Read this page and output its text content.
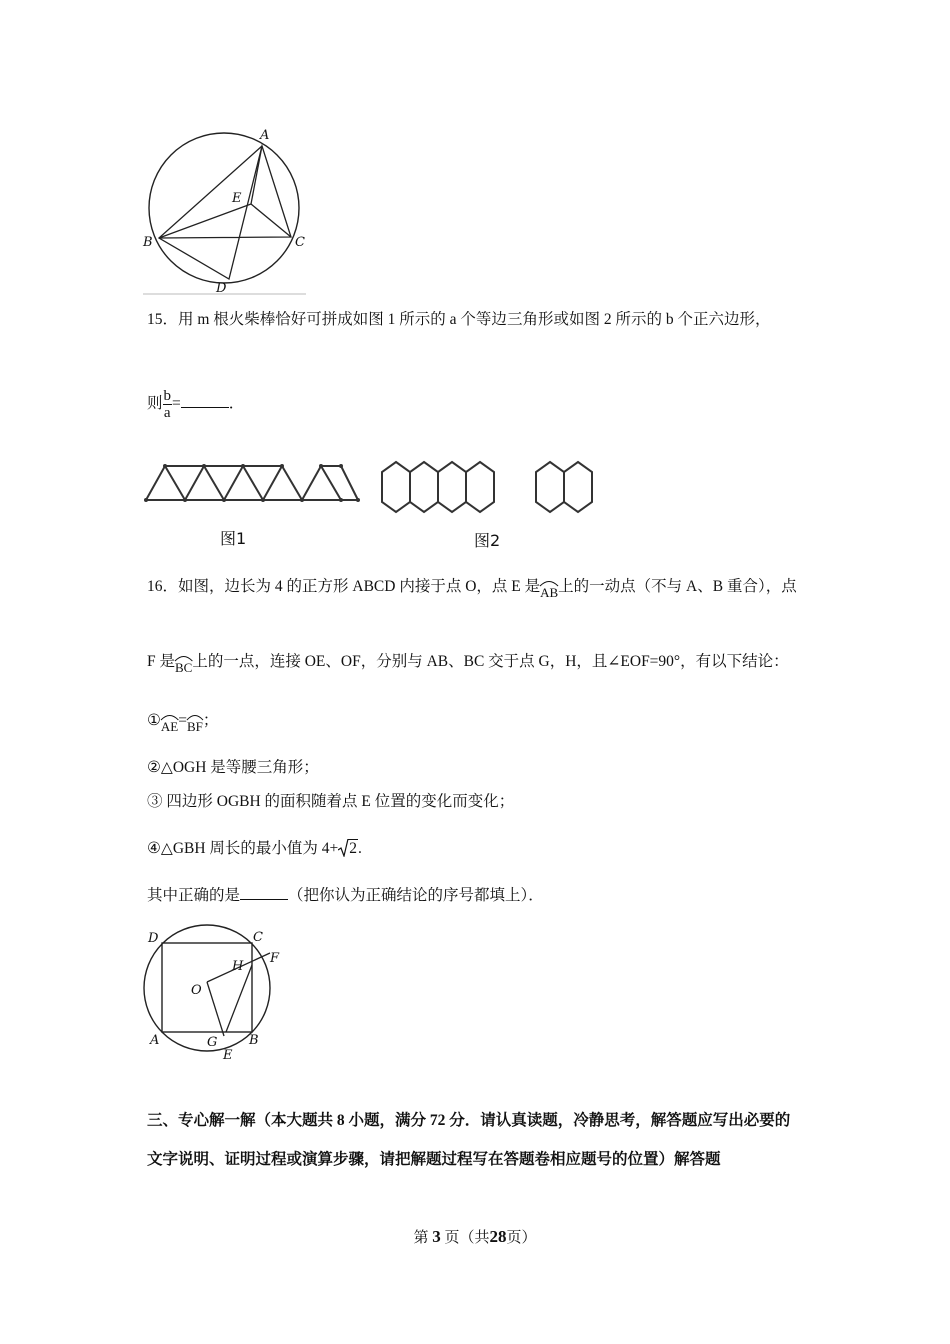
A
E
B	C
D
15．用 m 根火柴棒恰好可拼成如图 1 所示的 a 个等边三角形或如图 2 所示的 b 个正六边形，
则 $\frac{b}{a}$ =	．
图1	图2
16．如图，边长为 4 的正方形 ABCD 内接于点 O，点 E 是
AB上的一动点（不与 A、B 重合），点
F 是
BC上的一点，连接 OE、OF，分别与 AB、BC 交于点 G，H，且∠EOF=90°，有以下结论：
①
AE=
BF；
②△OGH 是等腰三角形；
③ 四边形 OGBH 的面积随着点 E 位置的变化而变化；
④△GBH 周长的最小值为 4+ 2.
其中正确的是	（把你认为正确结论的序号都填上）．
D	C
F
H
O
A	G B
E
三、专心解一解（本大题共 8 小题，满分 72 分．请认真读题，冷静思考，解答题应写出必要的
文字说明、证明过程或演算步骤，请把解题过程写在答题卷相应题号的位置）解答题
第 3 页（共28页）
